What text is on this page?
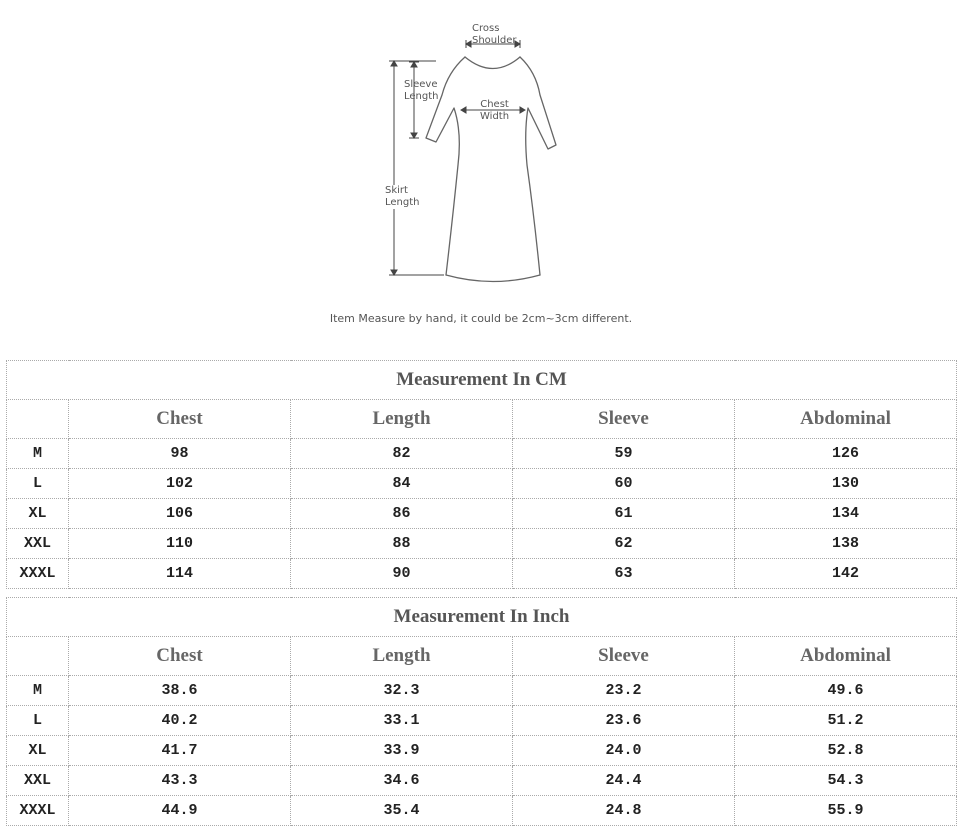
Cross
Shoulder
Sleeve
Length
Chest
Width
Skirt
Length
Item Measure by hand, it could be 2cm~3cm different.
Measurement In CM				
	Chest	Length	Sleeve	Abdominal
M	98	82	59	126
L	102	84	60	130
XL	106	86	61	134
XXL	110	88	62	138
XXXL	114	90	63	142
Measurement In Inch				
	Chest	Length	Sleeve	Abdominal
M	38.6	32.3	23.2	49.6
L	40.2	33.1	23.6	51.2
XL	41.7	33.9	24.0	52.8
XXL	43.3	34.6	24.4	54.3
XXXL	44.9	35.4	24.8	55.9
